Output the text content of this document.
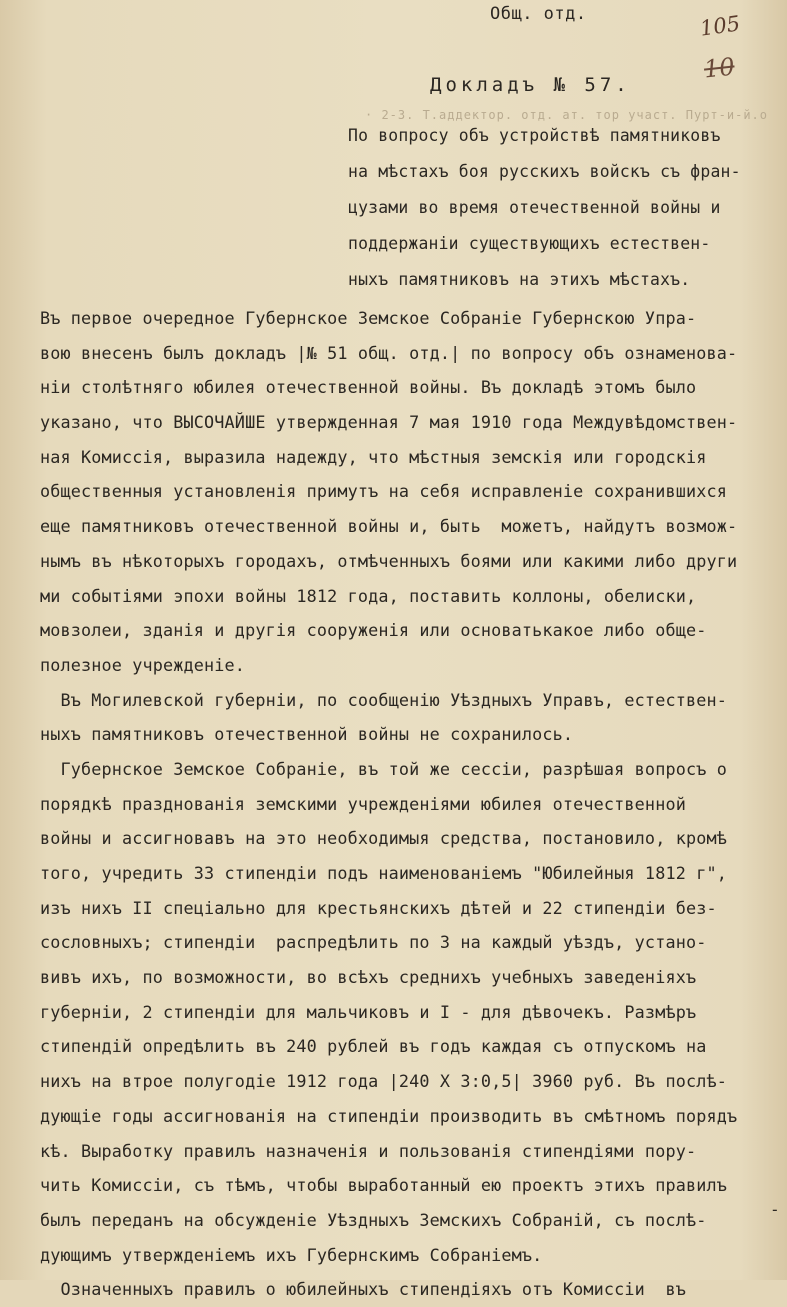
Общ. отд.	105
10
Докладъ № 57.
· 2-3. Т.аддектор. отд. ат. тор участ. Пурт-и-й.о
По вопросу объ устройствѣ памятниковъ
на мѣстахъ боя русскихъ войскъ съ фран-
цузами во время отечественной войны и
поддержанiи существующихъ естествен-
ныхъ памятниковъ на этихъ мѣстахъ.
Въ первое очередное Губернское Земское Собранiе Губернскою Упра-
вою внесенъ былъ докладъ |№ 51 общ. отд.| по вопросу объ ознаменова-
нiи столѣтняго юбилея отечественной войны. Въ докладѣ этомъ было
указано, что ВЫСОЧАЙШЕ утвержденная 7 мая 1910 года Междувѣдомствен-
ная Комиссiя, выразила надежду, что мѣстныя земскiя или городскiя
общественныя установленiя примутъ на себя исправленiе сохранившихся
еще памятниковъ отечественной войны и, быть  можетъ, найдутъ возмож-
нымъ въ нѣкоторыхъ городахъ, отмѣченныхъ боями или какими либо други
ми событiями эпохи войны 1812 года, поставить коллоны, обелиски,
мовзолеи, зданiя и другiя сооруженiя или основатькакое либо обще-
полезное учрежденiе.
Въ Могилевской губернiи, по сообщенiю Уѣздныхъ Управъ, естествен-
ныхъ памятниковъ отечественной войны не сохранилось.
Губернское Земское Собранiе, въ той же сессiи, разрѣшая вопросъ о
порядкѣ празднованiя земскими учрежденiями юбилея отечественной
войны и ассигновавъ на это необходимыя средства, постановило, кромѣ
того, учредить 33 стипендiи подъ наименованiемъ "Юбилейныя 1812 г",
изъ нихъ II спецiально для крестьянскихъ дѣтей и 22 стипендiи без-
сословныхъ; стипендiи  распредѣлить по 3 на каждый уѣздъ, устано-
вивъ ихъ, по возможности, во всѣхъ среднихъ учебныхъ заведенiяхъ
губернiи, 2 стипендiи для мальчиковъ и I - для дѣвочекъ. Размѣръ
стипендiй опредѣлить въ 240 рублей въ годъ каждая съ отпускомъ на
нихъ на втрое полугодiе 1912 года |240 X 3:0,5| 3960 руб. Въ послѣ-
дующiе годы ассигнованiя на стипендiи производить въ смѣтномъ порядъ
кѣ. Выработку правилъ назначенiя и пользованiя стипендiями пору-
чить Комиссiи, съ тѣмъ, чтобы выработанный ею проектъ этихъ правилъ
былъ переданъ на обсужденiе Уѣздныхъ Земскихъ Собранiй, съ послѣ-
дующимъ утвержденiемъ ихъ Губернскимъ Собранiемъ.
Означенныхъ правилъ о юбилейныхъ стипендiяхъ отъ Комиссiи  въ
-
